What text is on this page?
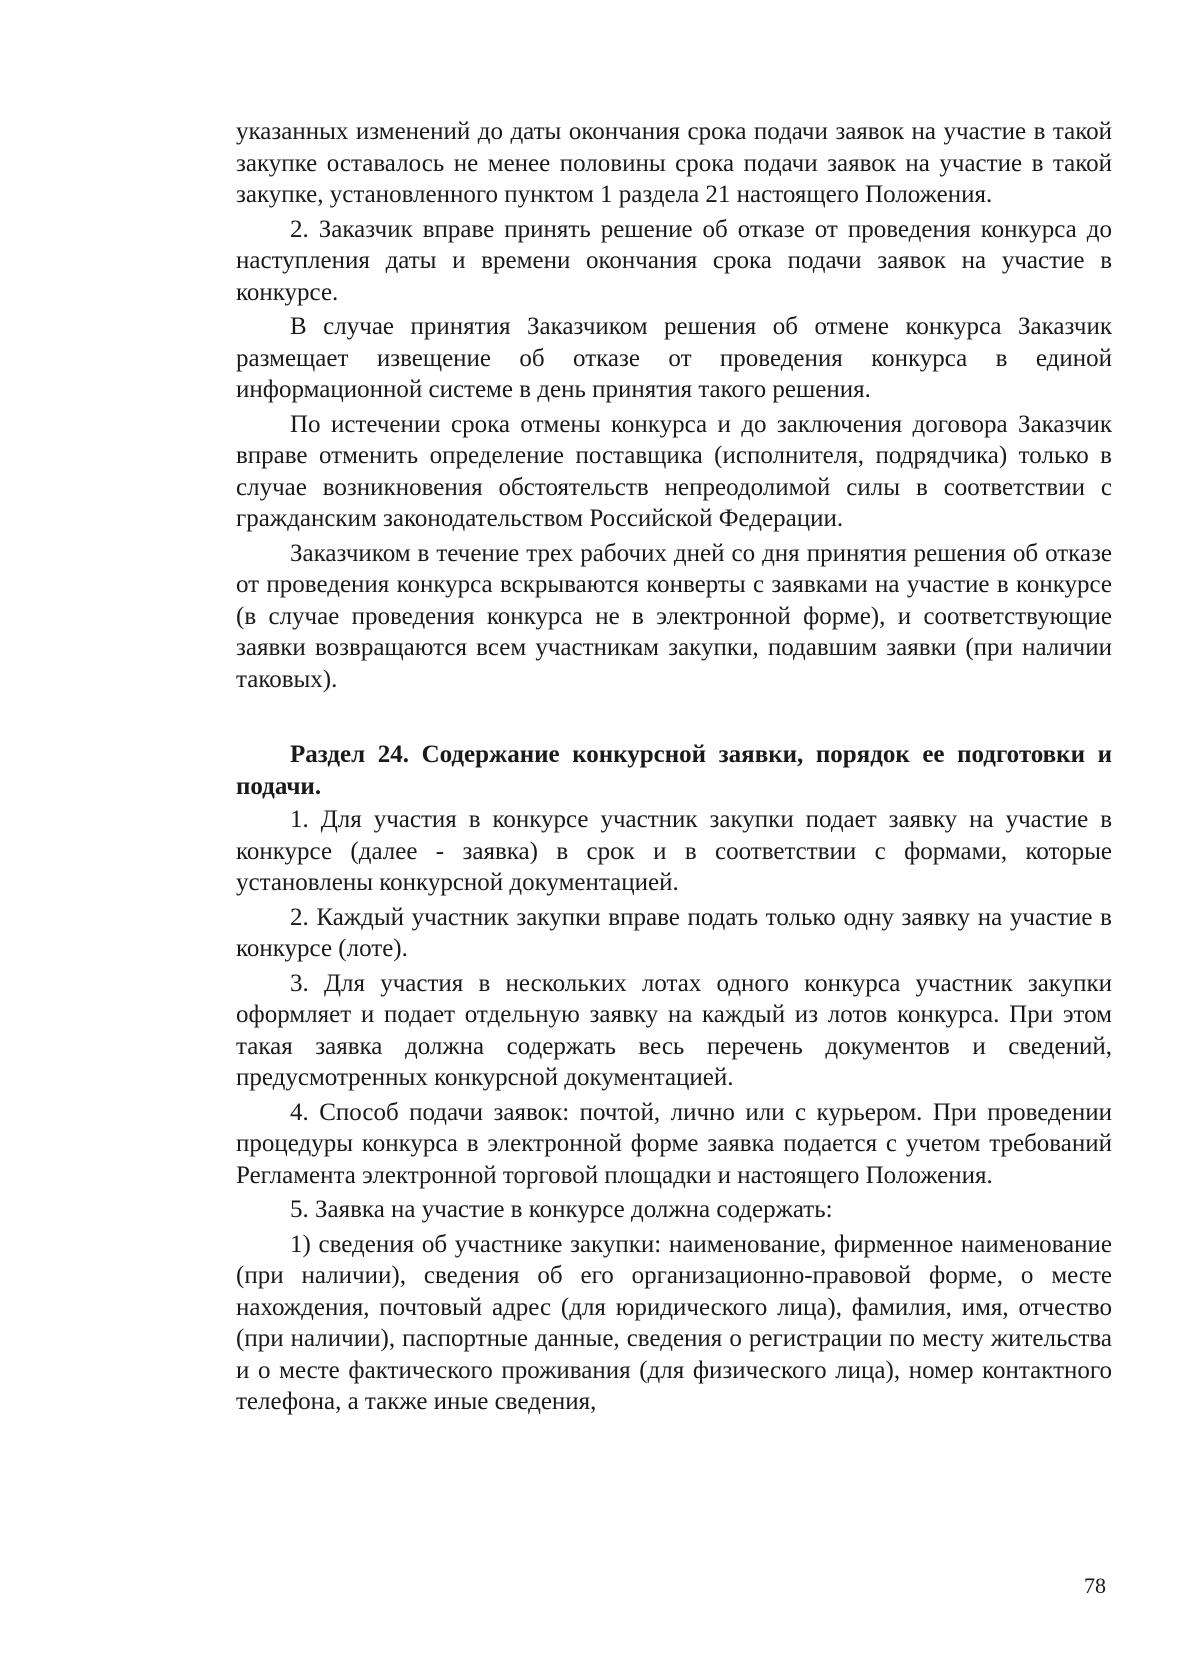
указанных изменений до даты окончания срока подачи заявок на участие в такой закупке оставалось не менее половины срока подачи заявок на участие в такой закупке, установленного пунктом 1 раздела 21 настоящего Положения.

2. Заказчик вправе принять решение об отказе от проведения конкурса до наступления даты и времени окончания срока подачи заявок на участие в конкурсе.

В случае принятия Заказчиком решения об отмене конкурса Заказчик размещает извещение об отказе от проведения конкурса в единой информационной системе в день принятия такого решения.

По истечении срока отмены конкурса и до заключения договора Заказчик вправе отменить определение поставщика (исполнителя, подрядчика) только в случае возникновения обстоятельств непреодолимой силы в соответствии с гражданским законодательством Российской Федерации.

Заказчиком в течение трех рабочих дней со дня принятия решения об отказе от проведения конкурса вскрываются конверты с заявками на участие в конкурсе (в случае проведения конкурса не в электронной форме), и соответствующие заявки возвращаются всем участникам закупки, подавшим заявки (при наличии таковых).

Раздел 24. Содержание конкурсной заявки, порядок ее подготовки и подачи.

1. Для участия в конкурсе участник закупки подает заявку на участие в конкурсе (далее - заявка) в срок и в соответствии с формами, которые установлены конкурсной документацией.

2. Каждый участник закупки вправе подать только одну заявку на участие в конкурсе (лоте).

3. Для участия в нескольких лотах одного конкурса участник закупки оформляет и подает отдельную заявку на каждый из лотов конкурса. При этом такая заявка должна содержать весь перечень документов и сведений, предусмотренных конкурсной документацией.

4. Способ подачи заявок: почтой, лично или с курьером. При проведении процедуры конкурса в электронной форме заявка подается с учетом требований Регламента электронной торговой площадки и настоящего Положения.

5. Заявка на участие в конкурсе должна содержать:

1) сведения об участнике закупки: наименование, фирменное наименование (при наличии), сведения об его организационно-правовой форме, о месте нахождения, почтовый адрес (для юридического лица), фамилия, имя, отчество (при наличии), паспортные данные, сведения о регистрации по месту жительства и о месте фактического проживания (для физического лица), номер контактного телефона, а также иные сведения,

78
